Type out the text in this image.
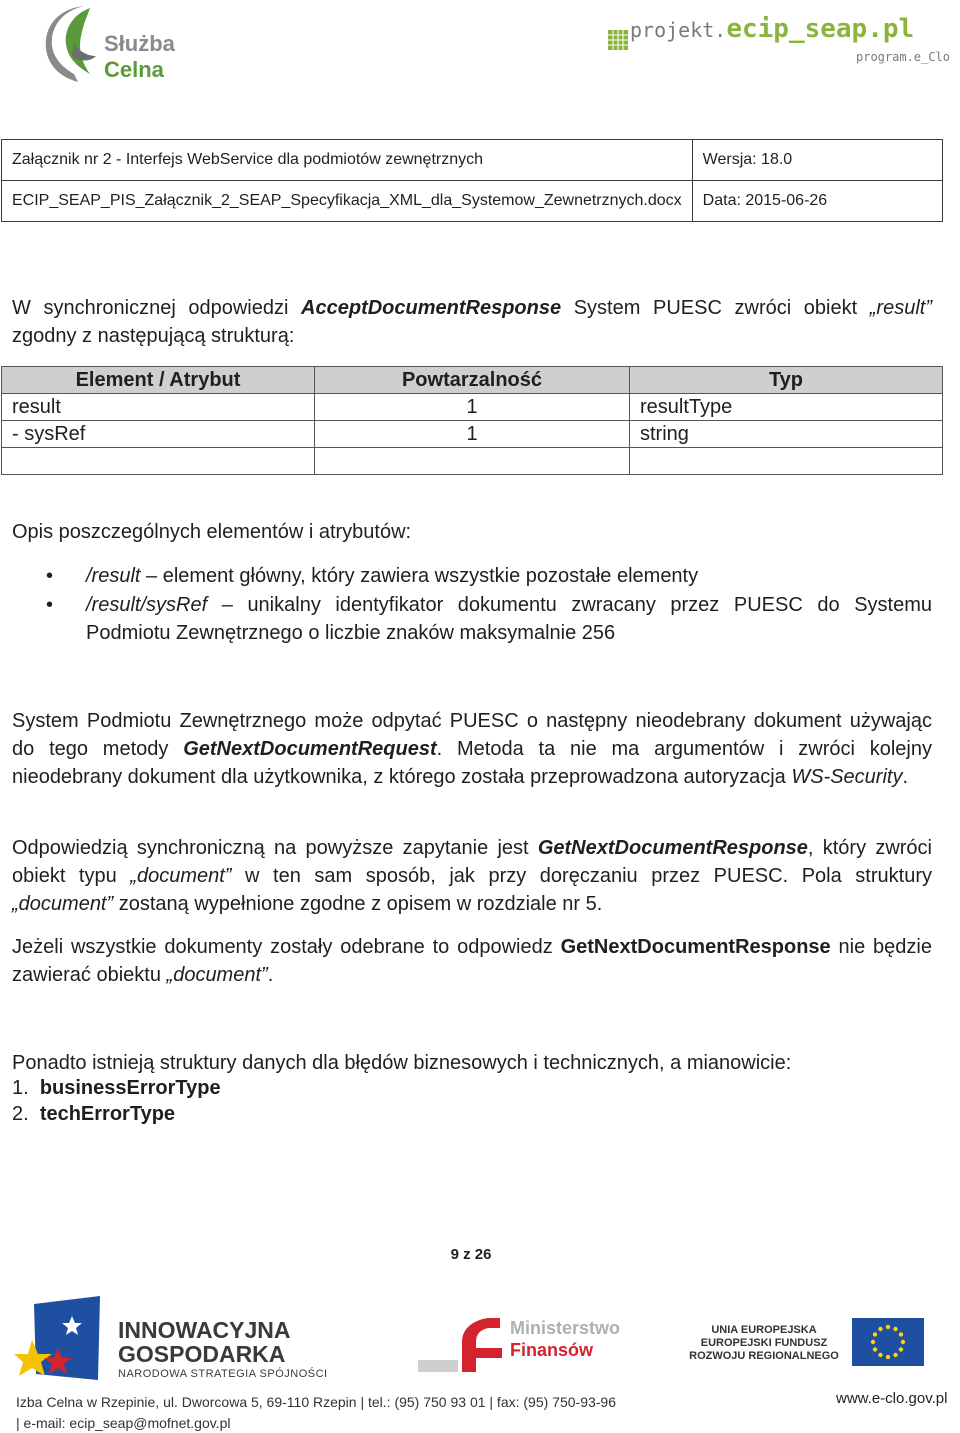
Służba
Celna
projekt.ecip_seap.pl
program.e_Clo
Załącznik nr 2 - Interfejs WebService dla podmiotów zewnętrznych	Wersja: 18.0
ECIP_SEAP_PIS_Załącznik_2_SEAP_Specyfikacja_XML_dla_Systemow_Zewnetrznych.docx	Data: 2015-06-26
W synchronicznej odpowiedzi AcceptDocumentResponse System PUESC zwróci obiekt „result” zgodny z następującą strukturą:
Element / Atrybut	Powtarzalność	Typ
result	1	resultType
- sysRef	1	string

Opis poszczególnych elementów i atrybutów:
• /result – element główny, który zawiera wszystkie pozostałe elementy
• /result/sysRef – unikalny identyfikator dokumentu zwracany przez PUESC do Systemu Podmiotu Zewnętrznego o liczbie znaków maksymalnie 256
System Podmiotu Zewnętrznego może odpytać PUESC o następny nieodebrany dokument używając do tego metody GetNextDocumentRequest. Metoda ta nie ma argumentów i zwróci kolejny nieodebrany dokument dla użytkownika, z którego została przeprowadzona autoryzacja WS-Security.
Odpowiedzią synchroniczną na powyższe zapytanie jest GetNextDocumentResponse, który zwróci obiekt typu „document” w ten sam sposób, jak przy doręczaniu przez PUESC. Pola struktury „document” zostaną wypełnione zgodne z opisem w rozdziale nr 5.
Jeżeli wszystkie dokumenty zostały odebrane to odpowiedz GetNextDocumentResponse nie będzie zawierać obiektu „document”.
Ponadto istnieją struktury danych dla błędów biznesowych i technicznych, a mianowicie:
1. businessErrorType
2. techErrorType
9 z 26
INNOWACYJNA
GOSPODARKA
NARODOWA STRATEGIA SPÓJNOŚCI
Ministerstwo
Finansów
UNIA EUROPEJSKA
EUROPEJSKI FUNDUSZ
ROZWOJU REGIONALNEGO
Izba Celna w Rzepinie, ul. Dworcowa 5, 69-110 Rzepin | tel.: (95) 750 93 01 | fax: (95) 750-93-96
| e-mail: ecip_seap@mofnet.gov.pl
www.e-clo.gov.pl
